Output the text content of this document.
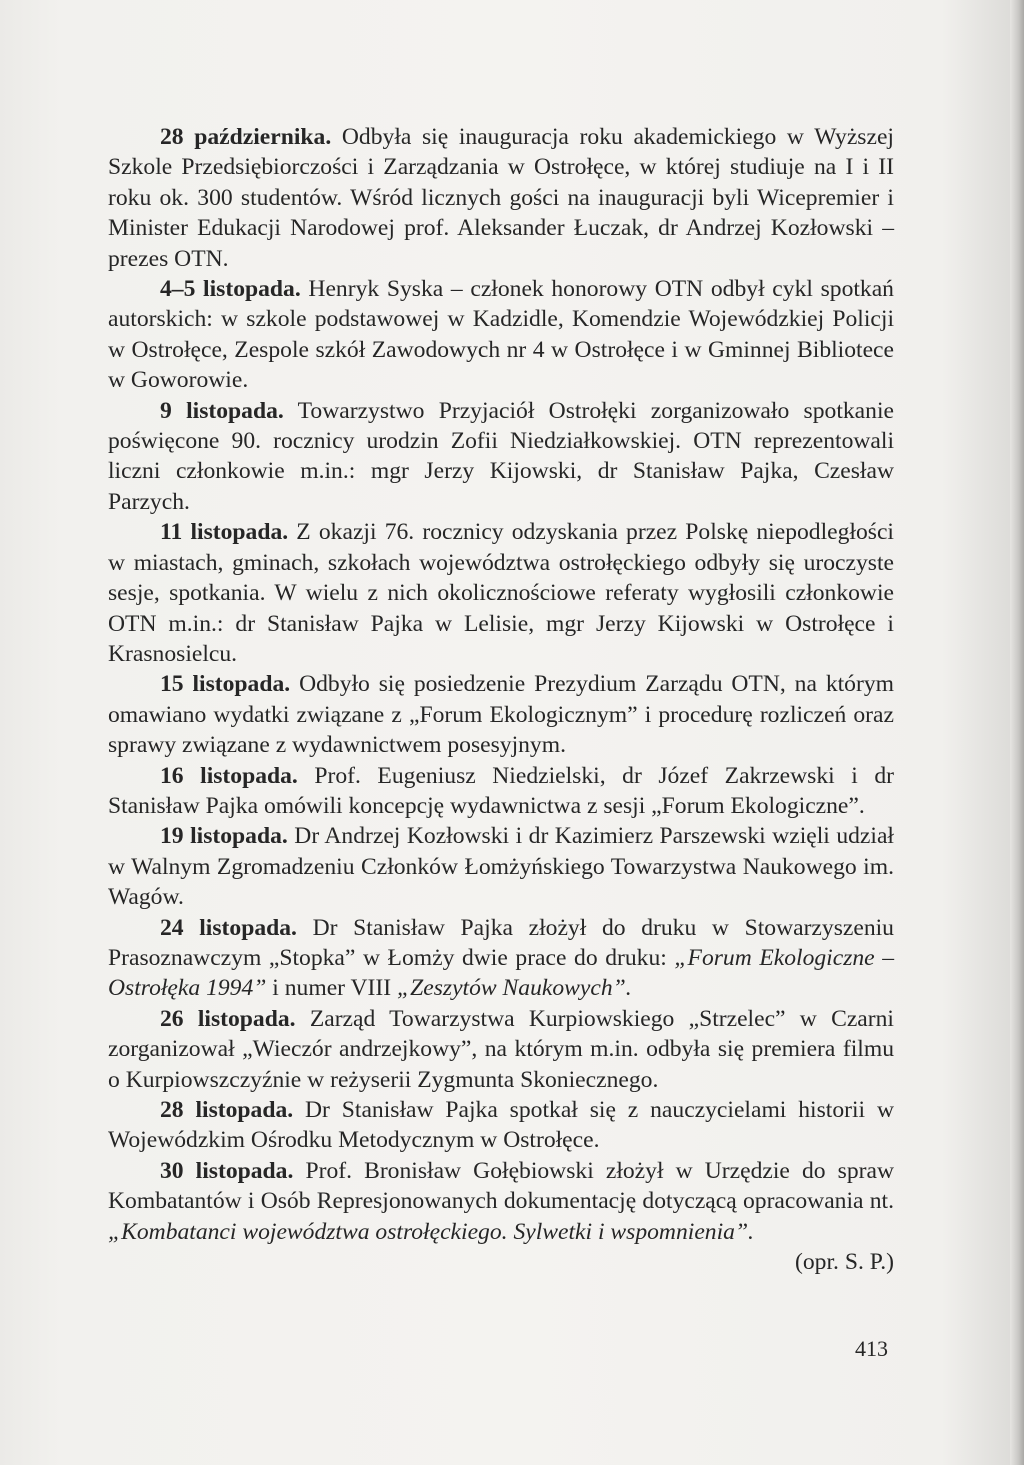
28 października. Odbyła się inauguracja roku akademickiego w Wyższej Szkole Przedsiębiorczości i Zarządzania w Ostrołęce, w której studiuje na I i II roku ok. 300 studentów. Wśród licznych gości na inauguracji byli Wicepremier i Minister Edukacji Narodowej prof. Aleksander Łuczak, dr Andrzej Kozłowski – prezes OTN.

4–5 listopada. Henryk Syska – członek honorowy OTN odbył cykl spotkań autorskich: w szkole podstawowej w Kadzidle, Komendzie Wojewódzkiej Policji w Ostrołęce, Zespole szkół Zawodowych nr 4 w Ostrołęce i w Gminnej Bibliotece w Goworowie.

9 listopada. Towarzystwo Przyjaciół Ostrołęki zorganizowało spotkanie poświęcone 90. rocznicy urodzin Zofii Niedziałkowskiej. OTN reprezentowali liczni członkowie m.in.: mgr Jerzy Kijowski, dr Stanisław Pajka, Czesław Parzych.

11 listopada. Z okazji 76. rocznicy odzyskania przez Polskę niepodległości w miastach, gminach, szkołach województwa ostrołęckiego odbyły się uroczyste sesje, spotkania. W wielu z nich okolicznościowe referaty wygłosili członkowie OTN m.in.: dr Stanisław Pajka w Lelisie, mgr Jerzy Kijowski w Ostrołęce i Krasnosielcu.

15 listopada. Odbyło się posiedzenie Prezydium Zarządu OTN, na którym omawiano wydatki związane z „Forum Ekologicznym” i procedurę rozliczeń oraz sprawy związane z wydawnictwem posesyjnym.

16 listopada. Prof. Eugeniusz Niedzielski, dr Józef Zakrzewski i dr Stanisław Pajka omówili koncepcję wydawnictwa z sesji „Forum Ekologiczne”.

19 listopada. Dr Andrzej Kozłowski i dr Kazimierz Parszewski wzięli udział w Walnym Zgromadzeniu Członków Łomżyńskiego Towarzystwa Naukowego im. Wagów.

24 listopada. Dr Stanisław Pajka złożył do druku w Stowarzyszeniu Prasoznawczym „Stopka” w Łomży dwie prace do druku: „Forum Ekologiczne – Ostrołęka 1994” i numer VIII „Zeszytów Naukowych”.

26 listopada. Zarząd Towarzystwa Kurpiowskiego „Strzelec” w Czarni zorganizował „Wieczór andrzejkowy”, na którym m.in. odbyła się premiera filmu o Kurpiowszczyźnie w reżyserii Zygmunta Skoniecznego.

28 listopada. Dr Stanisław Pajka spotkał się z nauczycielami historii w Wojewódzkim Ośrodku Metodycznym w Ostrołęce.

30 listopada. Prof. Bronisław Gołębiowski złożył w Urzędzie do spraw Kombatantów i Osób Represjonowanych dokumentację dotyczącą opracowania nt. „Kombatanci województwa ostrołęckiego. Sylwetki i wspomnienia”.
(opr. S. P.)

413
